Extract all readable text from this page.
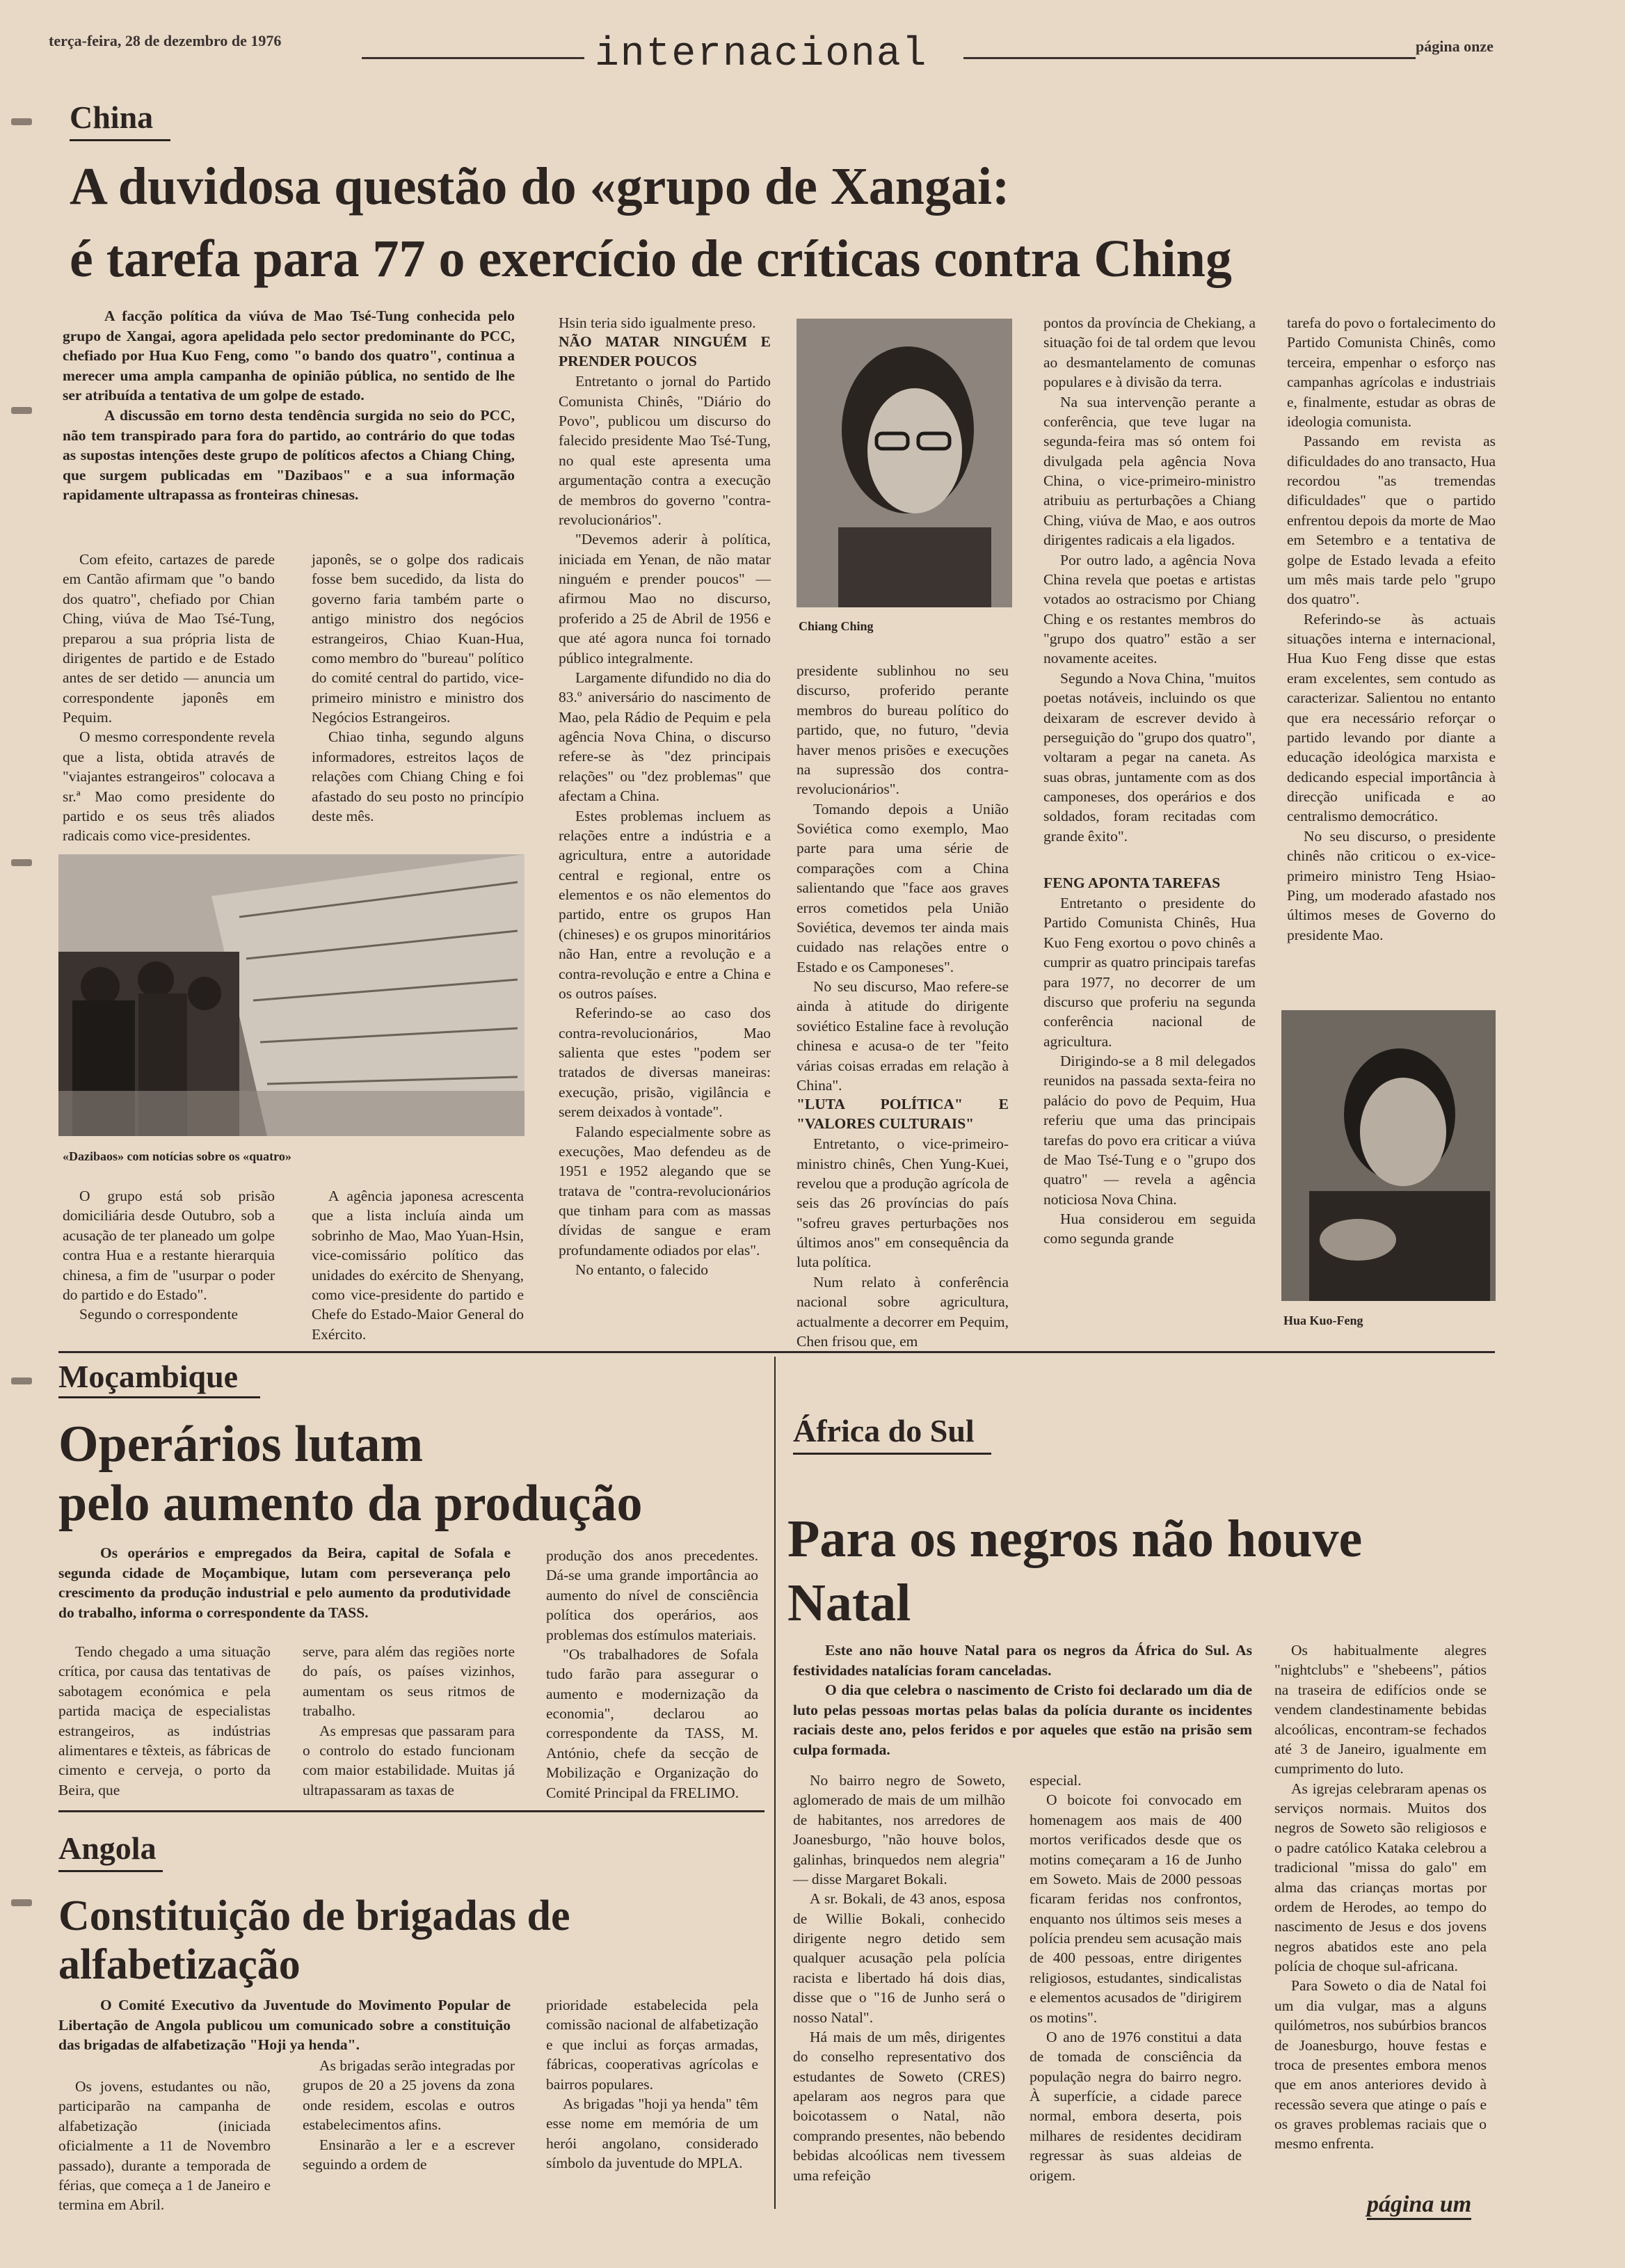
terça-feira, 28 de dezembro de 1976	internacional	página onze
China
A duvidosa questão do «grupo de Xangai:
é tarefa para 77 o exercício de críticas contra Ching

A facção política da viúva de Mao Tsé-Tung conhecida pelo grupo de Xangai, agora apelidada pelo sector predominante do PCC, chefiado por Hua Kuo Feng, como "o bando dos quatro", continua a merecer uma ampla campanha de opinião pública, no sentido de lhe ser atribuída a tentativa de um golpe de estado.

A discussão em torno desta tendência surgida no seio do PCC, não tem transpirado para fora do partido, ao contrário do que todas as supostas intenções deste grupo de políticos afectos a Chiang Ching, que surgem publicadas em "Dazibaos" e a sua informação rapidamente ultrapassa as fronteiras chinesas.

Com efeito, cartazes de parede em Cantão afirmam que "o bando dos quatro", chefiado por Chian Ching, viúva de Mao Tsé-Tung, preparou a sua própria lista de dirigentes de partido e de Estado antes de ser detido — anuncia um correspondente japonês em Pequim.

O mesmo correspondente revela que a lista, obtida através de "viajantes estrangeiros" colocava a sr.ª Mao como presidente do partido e os seus três aliados radicais como vice-presidentes.

japonês, se o golpe dos radicais fosse bem sucedido, da lista do governo faria também parte o antigo ministro dos negócios estrangeiros, Chiao Kuan-Hua, como membro do "bureau" político do comité central do partido, vice-primeiro ministro e ministro dos Negócios Estrangeiros.

Chiao tinha, segundo alguns informadores, estreitos laços de relações com Chiang Ching e foi afastado do seu posto no princípio deste mês.

«Dazibaos» com notícias sobre os «quatro»

O grupo está sob prisão domiciliária desde Outubro, sob a acusação de ter planeado um golpe contra Hua e a restante hierarquia chinesa, a fim de "usurpar o poder do partido e do Estado".

Segundo o correspondente

A agência japonesa acrescenta que a lista incluía ainda um sobrinho de Mao, Mao Yuan-Hsin, vice-comissário político das unidades do exército de Shenyang, como vice-presidente do partido e Chefe do Estado-Maior General do Exército.

Hsin teria sido igualmente preso.

NÃO MATAR NINGUÉM E PRENDER POUCOS

Entretanto o jornal do Partido Comunista Chinês, "Diário do Povo", publicou um discurso do falecido presidente Mao Tsé-Tung, no qual este apresenta uma argumentação contra a execução de membros do governo "contra-revolucionários".

"Devemos aderir à política, iniciada em Yenan, de não matar ninguém e prender poucos" — afirmou Mao no discurso, proferido a 25 de Abril de 1956 e que até agora nunca foi tornado público integralmente.

Largamente difundido no dia do 83.º aniversário do nascimento de Mao, pela Rádio de Pequim e pela agência Nova China, o discurso refere-se às "dez principais relações" ou "dez problemas" que afectam a China.

Estes problemas incluem as relações entre a indústria e a agricultura, entre a autoridade central e regional, entre os elementos e os não elementos do partido, entre os grupos Han (chineses) e os grupos minoritários não Han, entre a revolução e a contra-revolução e entre a China e os outros países.

Referindo-se ao caso dos contra-revolucionários, Mao salienta que estes "podem ser tratados de diversas maneiras: execução, prisão, vigilância e serem deixados à vontade".

Falando especialmente sobre as execuções, Mao defendeu as de 1951 e 1952 alegando que se tratava de "contra-revolucionários que tinham para com as massas dívidas de sangue e eram profundamente odiados por elas".

No entanto, o falecido

Chiang Ching

presidente sublinhou no seu discurso, proferido perante membros do bureau político do partido, que, no futuro, "devia haver menos prisões e execuções na supressão dos contra-revolucionários".

Tomando depois a União Soviética como exemplo, Mao parte para uma série de comparações com a China salientando que "face aos graves erros cometidos pela União Soviética, devemos ter ainda mais cuidado nas relações entre o Estado e os Camponeses".

No seu discurso, Mao refere-se ainda à atitude do dirigente soviético Estaline face à revolução chinesa e acusa-o de ter "feito várias coisas erradas em relação à China".

"LUTA POLÍTICA" E "VALORES CULTURAIS"

Entretanto, o vice-primeiro-ministro chinês, Chen Yung-Kuei, revelou que a produção agrícola de seis das 26 províncias do país "sofreu graves perturbações nos últimos anos" em consequência da luta política.

Num relato à conferência nacional sobre agricultura, actualmente a decorrer em Pequim, Chen frisou que, em

pontos da província de Chekiang, a situação foi de tal ordem que levou ao desmantelamento de comunas populares e à divisão da terra.

Na sua intervenção perante a conferência, que teve lugar na segunda-feira mas só ontem foi divulgada pela agência Nova China, o vice-primeiro-ministro atribuiu as perturbações a Chiang Ching, viúva de Mao, e aos outros dirigentes radicais a ela ligados.

Por outro lado, a agência Nova China revela que poetas e artistas votados ao ostracismo por Chiang Ching e os restantes membros do "grupo dos quatro" estão a ser novamente aceites.

Segundo a Nova China, "muitos poetas notáveis, incluindo os que deixaram de escrever devido à perseguição do "grupo dos quatro", voltaram a pegar na caneta. As suas obras, juntamente com as dos camponeses, dos operários e dos soldados, foram recitadas com grande êxito".

FENG APONTA TAREFAS

Entretanto o presidente do Partido Comunista Chinês, Hua Kuo Feng exortou o povo chinês a cumprir as quatro principais tarefas para 1977, no decorrer de um discurso que proferiu na segunda conferência nacional de agricultura.

Dirigindo-se a 8 mil delegados reunidos na passada sexta-feira no palácio do povo de Pequim, Hua referiu que uma das principais tarefas do povo era criticar a viúva de Mao Tsé-Tung e o "grupo dos quatro" — revela a agência noticiosa Nova China.

Hua considerou em seguida como segunda grande

tarefa do povo o fortalecimento do Partido Comunista Chinês, como terceira, empenhar o esforço nas campanhas agrícolas e industriais e, finalmente, estudar as obras de ideologia comunista.

Passando em revista as dificuldades do ano transacto, Hua recordou "as tremendas dificuldades" que o partido enfrentou depois da morte de Mao em Setembro e a tentativa de golpe de Estado levada a efeito um mês mais tarde pelo "grupo dos quatro".

Referindo-se às actuais situações interna e internacional, Hua Kuo Feng disse que estas eram excelentes, sem contudo as caracterizar. Salientou no entanto que era necessário reforçar o partido levando por diante a educação ideológica marxista e dedicando especial importância à direcção unificada e ao centralismo democrático.

No seu discurso, o presidente chinês não criticou o ex-vice-primeiro ministro Teng Hsiao-Ping, um moderado afastado nos últimos meses de Governo do presidente Mao.

Hua Kuo-Feng
Moçambique
Operários lutam
pelo aumento da produção

Os operários e empregados da Beira, capital de Sofala e segunda cidade de Moçambique, lutam com perseverança pelo crescimento da produção industrial e pelo aumento da produtividade do trabalho, informa o correspondente da TASS.

Tendo chegado a uma situação crítica, por causa das tentativas de sabotagem económica e pela partida maciça de especialistas estrangeiros, as indústrias alimentares e têxteis, as fábricas de cimento e cerveja, o porto da Beira, que

serve, para além das regiões norte do país, os países vizinhos, aumentam os seus ritmos de trabalho.

As empresas que passaram para o controlo do estado funcionam com maior estabilidade. Muitas já ultrapassaram as taxas de

produção dos anos precedentes. Dá-se uma grande importância ao aumento do nível de consciência política dos operários, aos problemas dos estímulos materiais.

"Os trabalhadores de Sofala tudo farão para assegurar o aumento e modernização da economia", declarou ao correspondente da TASS, M. António, chefe da secção de Mobilização e Organização do Comité Principal da FRELIMO.

Angola
Constituição de brigadas de
alfabetização

O Comité Executivo da Juventude do Movimento Popular de Libertação de Angola publicou um comunicado sobre a constituição das brigadas de alfabetização "Hoji ya henda".

Os jovens, estudantes ou não, participarão na campanha de alfabetização (iniciada oficialmente a 11 de Novembro passado), durante a temporada de férias, que começa a 1 de Janeiro e termina em Abril.

As brigadas serão integradas por grupos de 20 a 25 jovens da zona onde residem, escolas e outros estabelecimentos afins.

Ensinarão a ler e a escrever seguindo a ordem de

prioridade estabelecida pela comissão nacional de alfabetização e que inclui as forças armadas, fábricas, cooperativas agrícolas e bairros populares.

As brigadas "hoji ya henda" têm esse nome em memória de um herói angolano, considerado símbolo da juventude do MPLA.

África do Sul
Para os negros não houve
Natal

Este ano não houve Natal para os negros da África do Sul. As festividades natalícias foram canceladas.

O dia que celebra o nascimento de Cristo foi declarado um dia de luto pelas pessoas mortas pelas balas da polícia durante os incidentes raciais deste ano, pelos feridos e por aqueles que estão na prisão sem culpa formada.

No bairro negro de Soweto, aglomerado de mais de um milhão de habitantes, nos arredores de Joanesburgo, "não houve bolos, galinhas, brinquedos nem alegria" — disse Margaret Bokali.

A sr. Bokali, de 43 anos, esposa de Willie Bokali, conhecido dirigente negro detido sem qualquer acusação pela polícia racista e libertado há dois dias, disse que o "16 de Junho será o nosso Natal".

Há mais de um mês, dirigentes do conselho representativo dos estudantes de Soweto (CRES) apelaram aos negros para que boicotassem o Natal, não comprando presentes, não bebendo bebidas alcoólicas nem tivessem uma refeição

especial.

O boicote foi convocado em homenagem aos mais de 400 mortos verificados desde que os motins começaram a 16 de Junho em Soweto. Mais de 2000 pessoas ficaram feridas nos confrontos, enquanto nos últimos seis meses a polícia prendeu sem acusação mais de 400 pessoas, entre dirigentes religiosos, estudantes, sindicalistas e elementos acusados de "dirigirem os motins".

O ano de 1976 constitui a data de tomada de consciência da população negra do bairro negro. À superfície, a cidade parece normal, embora deserta, pois milhares de residentes decidiram regressar às suas aldeias de origem.

Os habitualmente alegres "nightclubs" e "shebeens", pátios na traseira de edifícios onde se vendem clandestinamente bebidas alcoólicas, encontram-se fechados até 3 de Janeiro, igualmente em cumprimento do luto.

As igrejas celebraram apenas os serviços normais. Muitos dos negros de Soweto são religiosos e o padre católico Kataka celebrou a tradicional "missa do galo" em alma das crianças mortas por ordem de Herodes, ao tempo do nascimento de Jesus e dos jovens negros abatidos este ano pela polícia de choque sul-africana.

Para Soweto o dia de Natal foi um dia vulgar, mas a alguns quilómetros, nos subúrbios brancos de Joanesburgo, houve festas e troca de presentes embora menos que em anos anteriores devido à recessão severa que atinge o país e os graves problemas raciais que o mesmo enfrenta.

página um
